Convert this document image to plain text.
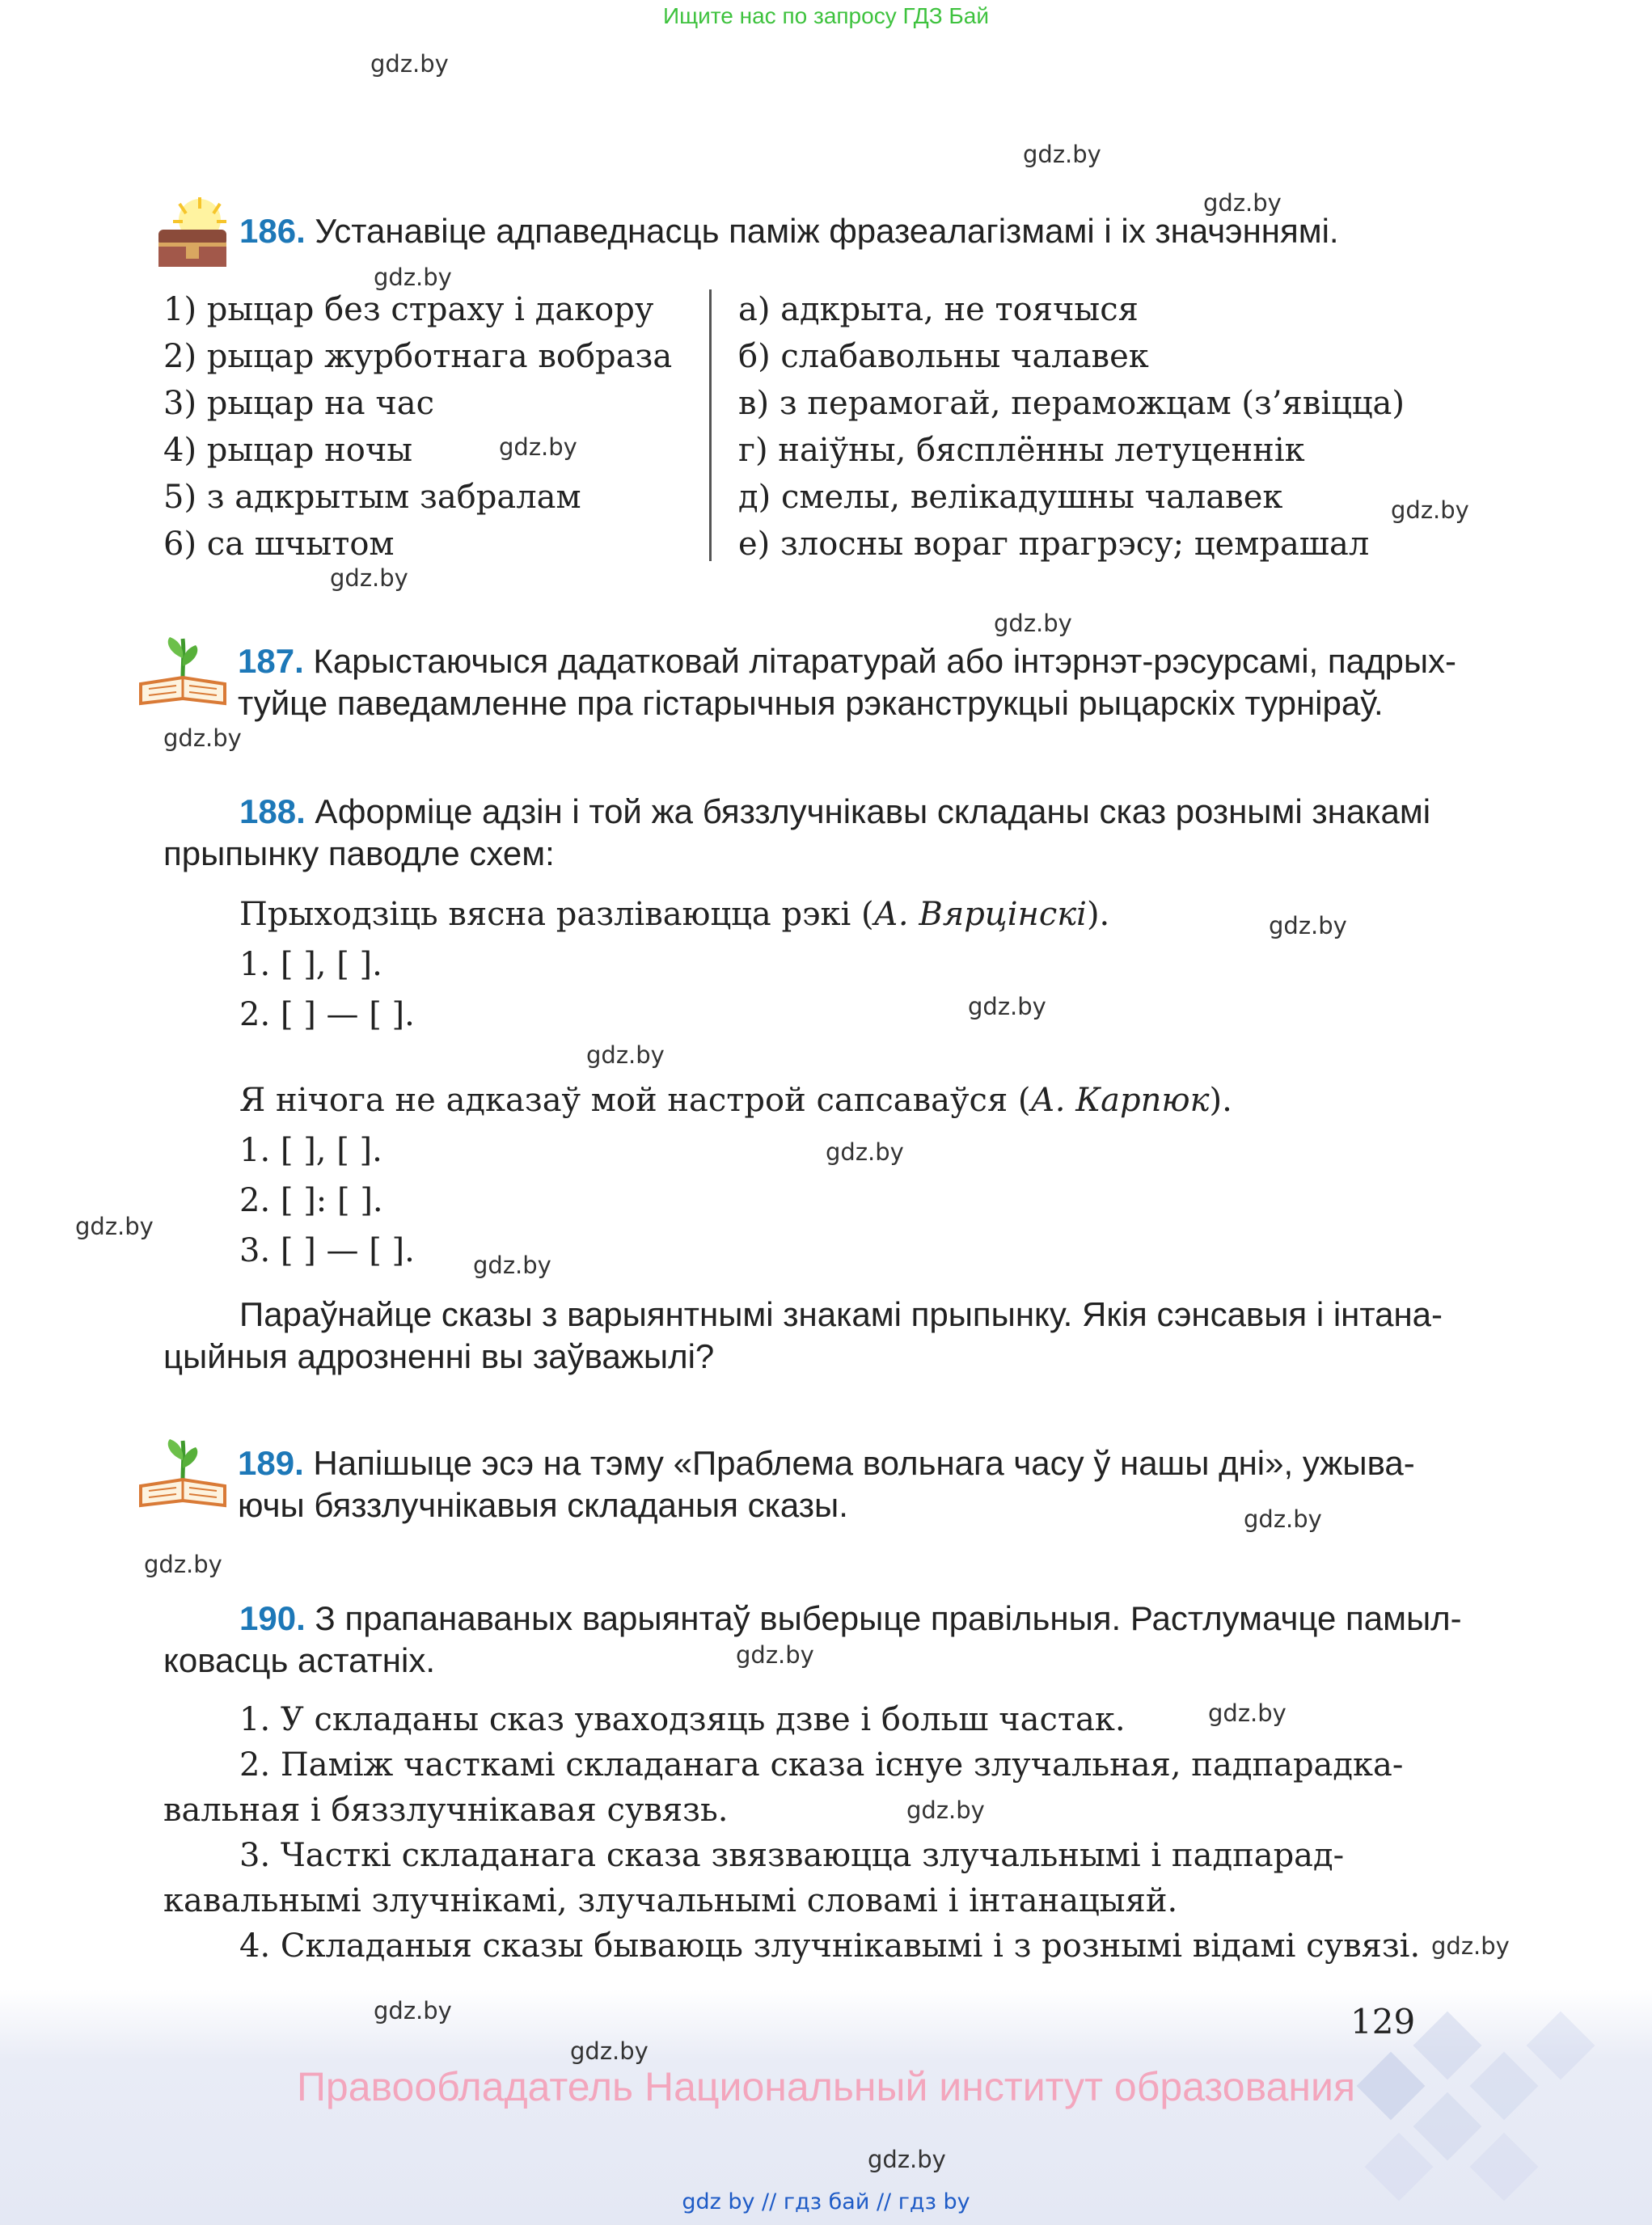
Ищите нас по запросу ГДЗ Бай
186. Устанавіце адпаведнасць паміж фразеалагізмамі і іх значэннямі.
1) рыцар без страху і дакору
2) рыцар журботнага вобраза
3) рыцар на час
4) рыцар ночы
5) з адкрытым забралам
6) са шчытом
а) адкрыта, не тоячыся
б) слабавольны чалавек
в) з перамогай, пераможцам (з’явіцца)
г) наіўны, бясплённы летуценнік
д) смелы, велікадушны чалавек
е) злосны вораг прагрэсу; цемрашал
187. Карыстаючыся дадатковай літаратурай або інтэрнэт-рэсурсамі, падрых-
туйце паведамленне пра гістарычныя рэканструкцыі рыцарскіх турніраў.
188. Аформіце адзін і той жа бяззлучнікавы складаны сказ рознымі знакамі
прыпынку паводле схем:
Прыходзіць вясна разліваюцца рэкі (А. Вярцінскі).
1. [ ], [ ].
2. [ ] — [ ].
Я нічога не адказаў мой настрой сапсаваўся (А. Карпюк).
1. [ ], [ ].
2. [ ]: [ ].
3. [ ] — [ ].
Параўнайце сказы з варыянтнымі знакамі прыпынку. Якія сэнсавыя і інтана-
цыйныя адрозненні вы заўважылі?
189. Напішыце эсэ на тэму «Праблема вольнага часу ў нашы дні», ужыва-
ючы бяззлучнікавыя складаныя сказы.
190. З прапанаваных варыянтаў выберыце правільныя. Растлумачце памыл-
ковасць астатніх.
1. У складаны сказ уваходзяць дзве і больш частак.
2. Паміж часткамі складанага сказа існуе злучальная, падпарадка-
вальная і бяззлучнікавая сувязь.
3. Часткі складанага сказа звязваюцца злучальнымі і падпарад-
кавальнымі злучнікамі, злучальнымі словамі і інтанацыяй.
4. Складаныя сказы бываюць злучнікавымі і з рознымі відамі сувязі.
129
Правообладатель Национальный институт образования
gdz by // гдз бай // гдз by
gdz.by
gdz.by
gdz.by
gdz.by
gdz.by
gdz.by
gdz.by
gdz.by
gdz.by
gdz.by
gdz.by
gdz.by
gdz.by
gdz.by
gdz.by
gdz.by
gdz.by
gdz.by
gdz.by
gdz.by
gdz.by
gdz.by
gdz.by
gdz.by
